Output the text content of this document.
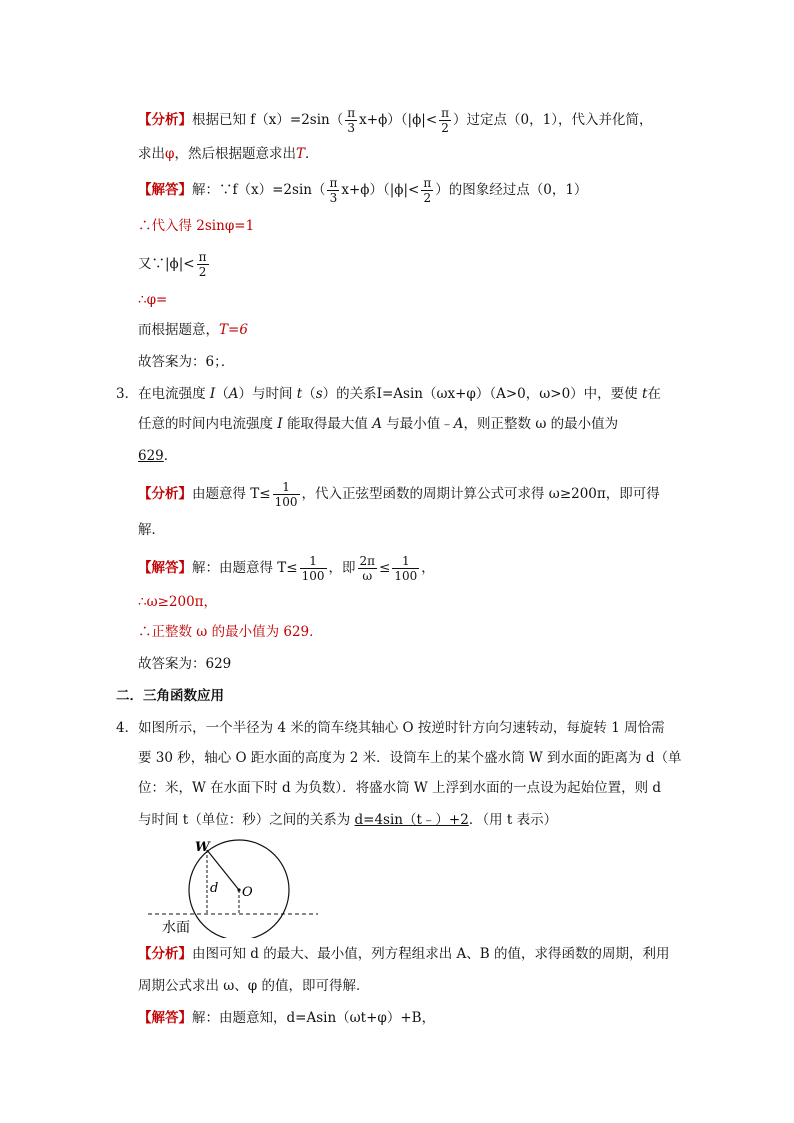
【分析】根据已知 $f(x)=2\sin( \frac{\pi}{3} x+\phi)(|\phi|< \frac{\pi}{2}$ ）过定点（0，1），代入并化简，
求出φ，然后根据题意求出T．
【解答】解：∵f（x）=2sin（ $\frac{\pi}{3} x+\phi)(|\phi|< \frac{\pi}{2}$ ）的图象经过点（0，1）
∴代入得 2sinφ=1
又∵|ϕ|< $\frac{\pi}{2}$
∴φ=
而根据题意，T=6
故答案为：6；．
3．在电流强度 I（A）与时间 t（s）的关系I=Asin（ωx+φ）（A>0，ω>0）中，要使 t在
任意的时间内电流强度 I 能取得最大值 A 与最小值﹣A，则正整数 ω 的最小值为
629．
【分析】由题意得 $T\le \frac{1}{100}$ ，代入正弦型函数的周期计算公式可求得 ω≥200π，即可得
解．
【解答】解：由题意得 $T\le \frac{1}{100}$ ，即 $\frac{2\pi}{\omega} \le \frac{1}{100}$ ，
∴ω≥200π，
∴正整数 ω 的最小值为 629．
故答案为：629
二．三角函数应用
4．如图所示，一个半径为 4 米的筒车绕其轴心 O 按逆时针方向匀速转动，每旋转 1 周恰需
要 30 秒，轴心 O 距水面的高度为 2 米．设筒车上的某个盛水筒 W 到水面的距离为 d（单
位：米，W 在水面下时 d 为负数）．将盛水筒 W 上浮到水面的一点设为起始位置，则 d
与时间 t（单位：秒）之间的关系为 d=4sin（t﹣）+2．（用 t 表示）
W
d O
水面
【分析】由图可知 d 的最大、最小值，列方程组求出 A、B 的值，求得函数的周期，利用
周期公式求出 ω、φ 的值，即可得解．
【解答】解：由题意知，d=Asin（ωt+φ）+B，
